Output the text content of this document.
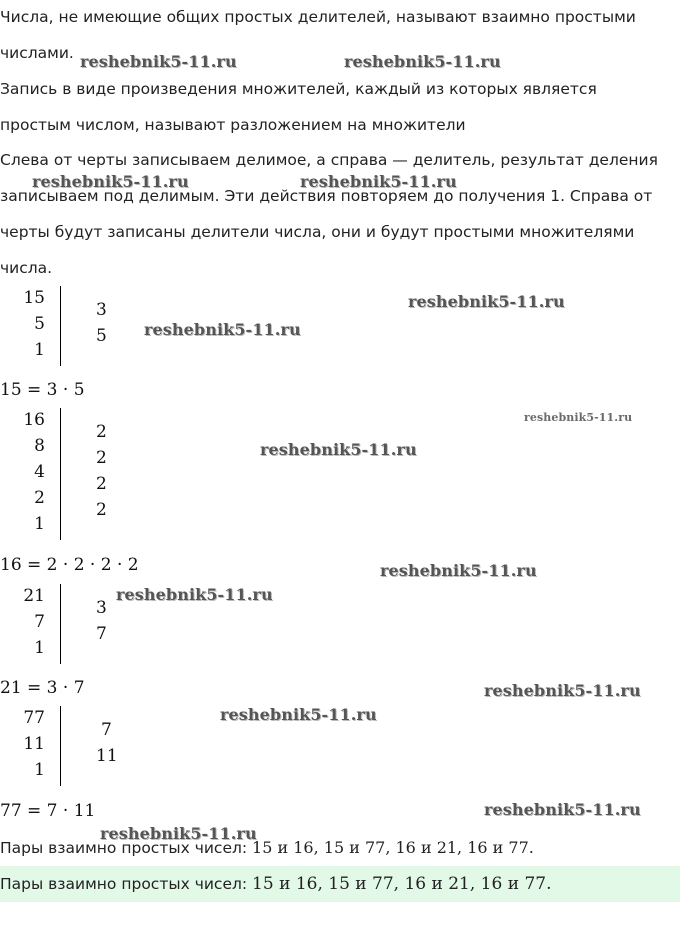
Числа, не имеющие общих простых делителей, называют взаимно простыми
числами.
Запись в виде произведения множителей, каждый из которых является
простым числом, называют разложением на множители
Слева от черты записываем делимое, а справа — делитель, результат деления
записываем под делимым. Эти действия повторяем до получения 1. Справа от
черты будут записаны делители числа, они и будут простыми множителями
числа.
15
5
1
3
5
15 = 3 · 5
16
8
4
2
1
2
2
2
2
16 = 2 · 2 · 2 · 2
21
7
1
3
7
21 = 3 · 7
77
11
1
7
11
77 = 7 · 11
Пары взаимно простых чисел: 15 и 16, 15 и 77, 16 и 21, 16 и 77.
Пары взаимно простых чисел: 15 и 16, 15 и 77, 16 и 21, 16 и 77.
reshebnik5-11.ru	reshebnik5-11.ru
reshebnik5-11.ru	reshebnik5-11.ru
reshebnik5-11.ru
reshebnik5-11.ru
reshebnik5-11.ru
reshebnik5-11.ru
reshebnik5-11.ru
reshebnik5-11.ru
reshebnik5-11.ru
reshebnik5-11.ru
reshebnik5-11.ru
reshebnik5-11.ru
